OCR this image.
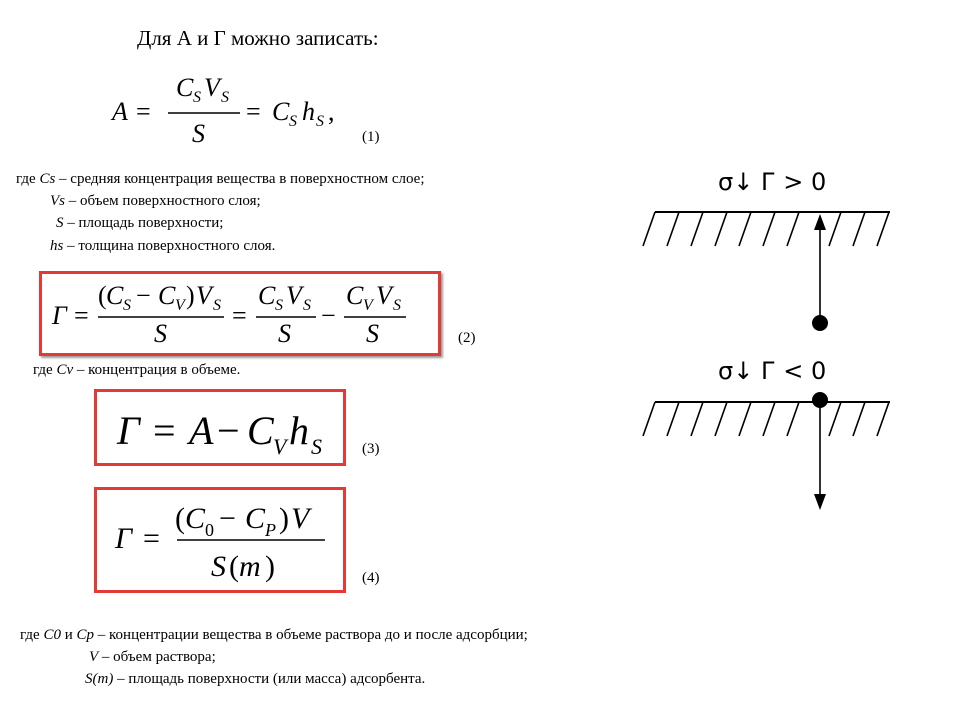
Для А и Г можно записать:
A =
C S V S
S
= C S h S ,
(1)
где Cs – средняя концентрация вещества в поверхностном слое;
Vs – объем поверхностного слоя;
S – площадь поверхности;
hs – толщина поверхностного слоя.
Г =
( C S − C V ) V S
S
=
C S V S
S
−
C V V S
S	(2)
где Cv – концентрация в объеме.
Г = A − C V h S	(3)
Г =
( C 0 − C P ) V
S ( m )	(4)
где C0 и Cp – концентрации вещества в объеме раствора до и после адсорбции;
V – объем раствора;
S(m) – площадь поверхности (или масса) адсорбента.
σ↓ Г > 0
σ↓ Г < 0
